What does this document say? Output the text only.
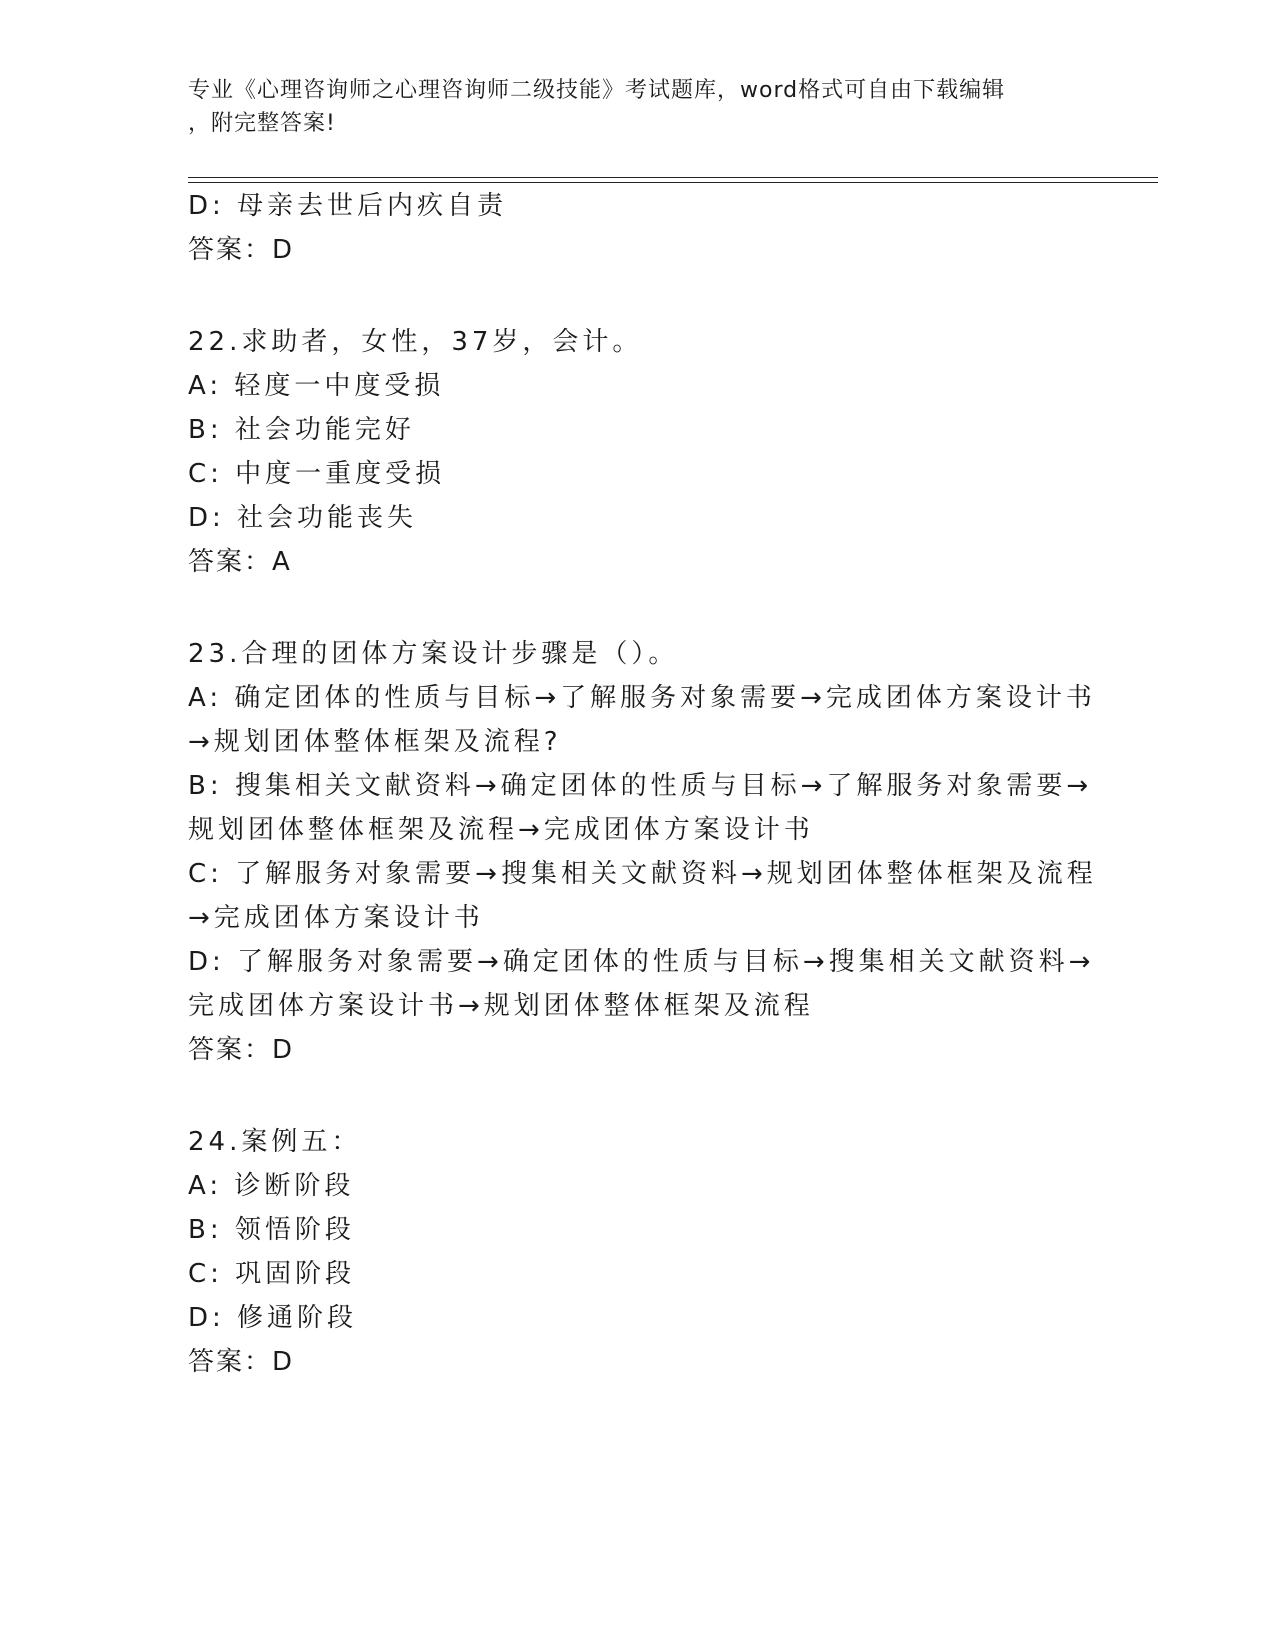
专业《心理咨询师之心理咨询师二级技能》考试题库，word格式可自由下载编辑
，附完整答案!
D: 母亲去世后内疚自责
答案：D
22.求助者，女性，37岁，会计。
A: 轻度一中度受损
B: 社会功能完好
C: 中度一重度受损
D: 社会功能丧失
答案：A
23.合理的团体方案设计步骤是（）。
A: 确定团体的性质与目标→了解服务对象需要→完成团体方案设计书
→规划团体整体框架及流程?
B: 搜集相关文献资料→确定团体的性质与目标→了解服务对象需要→
规划团体整体框架及流程→完成团体方案设计书
C: 了解服务对象需要→搜集相关文献资料→规划团体整体框架及流程
→完成团体方案设计书
D: 了解服务对象需要→确定团体的性质与目标→搜集相关文献资料→
完成团体方案设计书→规划团体整体框架及流程
答案：D
24.案例五：
A: 诊断阶段
B: 领悟阶段
C: 巩固阶段
D: 修通阶段
答案：D
